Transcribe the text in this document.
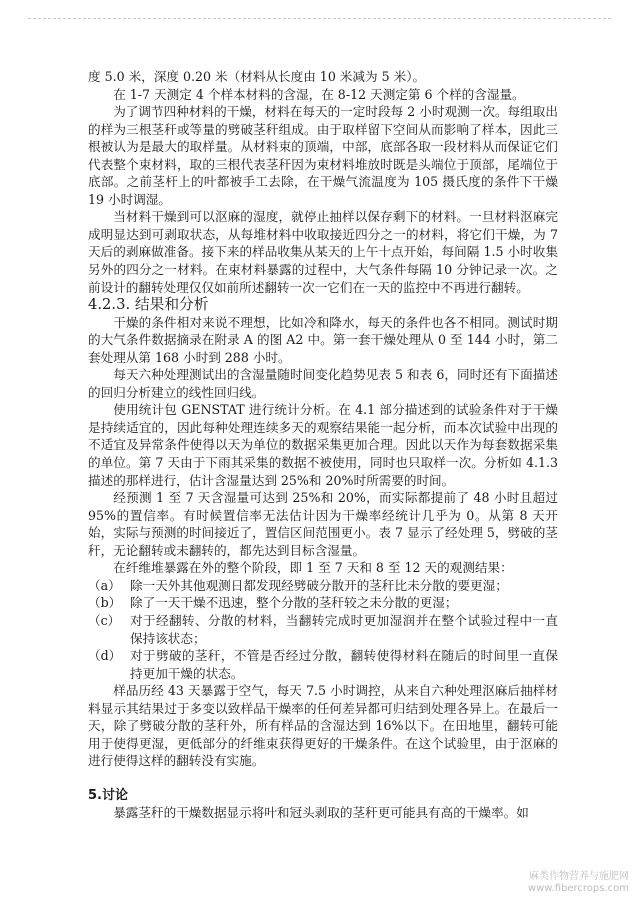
度 5.0 米，深度 0.20 米（材料从长度由 10 米减为 5 米）。

在 1-7 天测定 4 个样本材料的含湿，在 8-12 天测定第 6 个样的含湿量。

为了调节四种材料的干燥，材料在每天的一定时段每 2 小时观测一次。每组取出的样为三根茎秆或等量的劈破茎秆组成。由于取样留下空间从而影响了样本，因此三根被认为是最大的取样量。从材料束的顶端，中部，底部各取一段材料从而保证它们代表整个束材料，取的三根代表茎秆因为束材料堆放时既是头端位于顶部，尾端位于底部。之前茎杆上的叶都被手工去除，在干燥气流温度为 105 摄氏度的条件下干燥 19 小时调湿。

当材料干燥到可以沤麻的湿度，就停止抽样以保存剩下的材料。一旦材料沤麻完成明显达到可剥取状态，从每堆材料中收取接近四分之一的材料，将它们干燥，为 7 天后的剥麻做准备。接下来的样品收集从某天的上午十点开始，每间隔 1.5 小时收集另外的四分之一材料。在束材料暴露的过程中，大气条件每隔 10 分钟记录一次。之前设计的翻转处理仅仅如前所述翻转一次一它们在一天的监控中不再进行翻转。

4.2.3. 结果和分析

干燥的条件相对来说不理想，比如冷和降水，每天的条件也各不相同。测试时期的大气条件数据摘录在附录 A 的图 A2 中。第一套干燥处理从 0 至 144 小时，第二套处理从第 168 小时到 288 小时。

每天六种处理测试出的含湿量随时间变化趋势见表 5 和表 6，同时还有下面描述的回归分析建立的线性回归线。

使用统计包 GENSTAT 进行统计分析。在 4.1 部分描述到的试验条件对于干燥是持续适宜的，因此每种处理连续多天的观察结果能一起分析，而本次试验中出现的不适宜及异常条件使得以天为单位的数据采集更加合理。因此以天作为每套数据采集的单位。第 7 天由于下雨其采集的数据不被使用，同时也只取样一次。分析如 4.1.3 描述的那样进行，估计含湿量达到 25%和 20%时所需要的时间。

经预测 1 至 7 天含湿量可达到 25%和 20%，而实际都提前了 48 小时且超过 95%的置信率。有时候置信率无法估计因为干燥率经统计几乎为 0。从第 8 天开始，实际与预测的时间接近了，置信区间范围更小。表 7 显示了经处理 5，劈破的茎秆，无论翻转或未翻转的，都先达到目标含湿量。

在纤维堆暴露在外的整个阶段，即 1 至 7 天和 8 至 12 天的观测结果：

（a） 除一天外其他观测日都发现经劈破分散开的茎秆比未分散的要更湿；
（b） 除了一天干燥不迅速，整个分散的茎秆较之未分散的更湿；
（c） 对于经翻转、分散的材料，当翻转完成时更加湿润并在整个试验过程中一直保持该状态；
（d） 对于劈破的茎秆，不管是否经过分散，翻转使得材料在随后的时间里一直保持更加干燥的状态。

样品历经 43 天暴露于空气，每天 7.5 小时调控，从来自六种处理沤麻后抽样材料显示其结果过于多变以致样品干燥率的任何差异都可归结到处理各异上。在最后一天，除了劈破分散的茎秆外，所有样品的含湿达到 16%以下。在田地里，翻转可能用于使得更湿，更低部分的纤维束获得更好的干燥条件。在这个试验里，由于沤麻的进行使得这样的翻转没有实施。

5.讨论

暴露茎秆的干燥数据显示将叶和冠头剥取的茎秆更可能具有高的干燥率。如

麻类作物营养与施肥网
www.fibercrops.com
